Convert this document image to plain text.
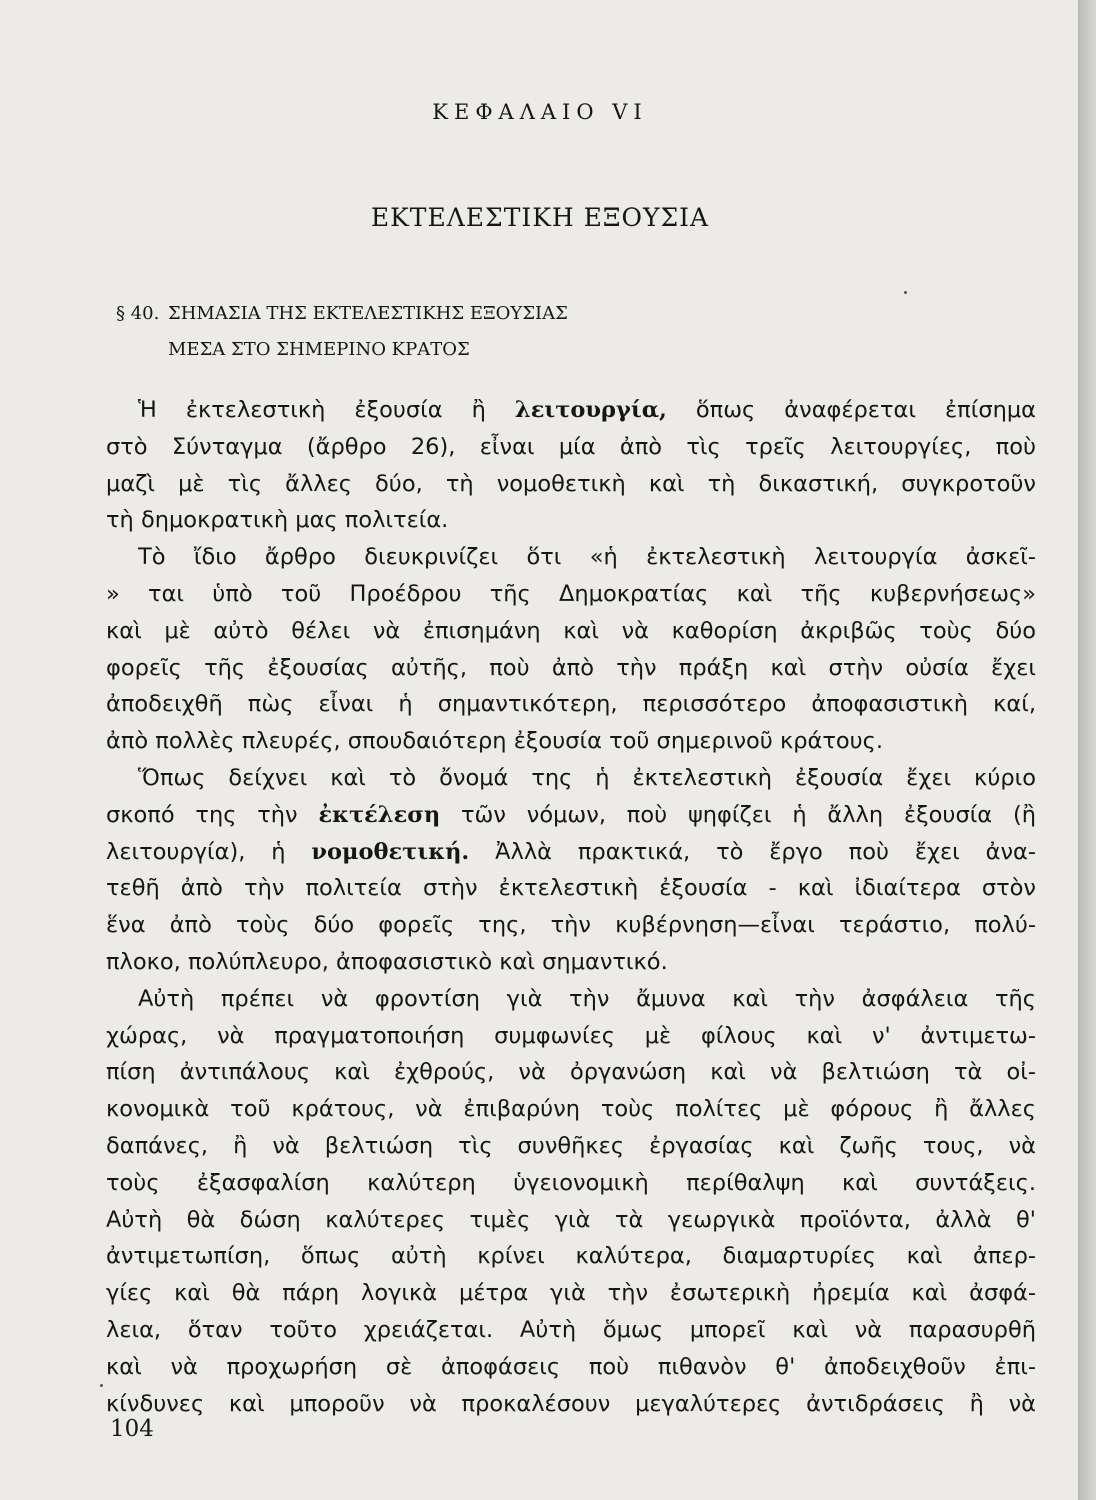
ΚΕΦΑΛΑΙΟ VI
ΕΚΤΕΛΕΣΤΙΚΗ ΕΞΟΥΣΙΑ
§ 40. ΣΗΜΑΣΙΑ ΤΗΣ ΕΚΤΕΛΕΣΤΙΚΗΣ ΕΞΟΥΣΙΑΣ
ΜΕΣΑ ΣΤΟ ΣΗΜΕΡΙΝΟ ΚΡΑΤΟΣ
Ἡ ἐκτελεστικὴ ἐξουσία ἢ λειτουργία, ὅπως ἀναφέρεται ἐπίσημα
στὸ Σύνταγμα (ἄρθρο 26), εἶναι μία ἀπὸ τὶς τρεῖς λειτουργίες, ποὺ
μαζὶ μὲ τὶς ἄλλες δύο, τὴ νομοθετικὴ καὶ τὴ δικαστική, συγκροτοῦν
τὴ δημοκρατικὴ μας πολιτεία.
Τὸ ἴδιο ἄρθρο διευκρινίζει ὅτι «ἡ ἐκτελεστικὴ λειτουργία ἀσκεῖ-
» ται ὑπὸ τοῦ Προέδρου τῆς Δημοκρατίας καὶ τῆς κυβερνήσεως»
καὶ μὲ αὐτὸ θέλει νὰ ἐπισημάνη καὶ νὰ καθορίση ἀκριβῶς τοὺς δύο
φορεῖς τῆς ἐξουσίας αὐτῆς, ποὺ ἀπὸ τὴν πράξη καὶ στὴν οὐσία ἔχει
ἀποδειχθῆ πὼς εἶναι ἡ σημαντικότερη, περισσότερο ἀποφασιστικὴ καί,
ἀπὸ πολλὲς πλευρές, σπουδαιότερη ἐξουσία τοῦ σημερινοῦ κράτους.
Ὅπως δείχνει καὶ τὸ ὄνομά της ἡ ἐκτελεστικὴ ἐξουσία ἔχει κύριο
σκοπό της τὴν ἐκτέλεση τῶν νόμων, ποὺ ψηφίζει ἡ ἄλλη ἐξουσία (ἢ
λειτουργία), ἡ νομοθετική. Ἀλλὰ πρακτικά, τὸ ἔργο ποὺ ἔχει ἀνα-
τεθῆ ἀπὸ τὴν πολιτεία στὴν ἐκτελεστικὴ ἐξουσία - καὶ ἰδιαίτερα στὸν
ἕνα ἀπὸ τοὺς δύο φορεῖς της, τὴν κυβέρνηση—εἶναι τεράστιο, πολύ-
πλοκο, πολύπλευρο, ἀποφασιστικὸ καὶ σημαντικό.
Αὐτὴ πρέπει νὰ φροντίση γιὰ τὴν ἄμυνα καὶ τὴν ἀσφάλεια τῆς
χώρας, νὰ πραγματοποιήση συμφωνίες μὲ φίλους καὶ ν' ἀντιμετω-
πίση ἀντιπάλους καὶ ἐχθρούς, νὰ ὀργανώση καὶ νὰ βελτιώση τὰ οἰ-
κονομικὰ τοῦ κράτους, νὰ ἐπιβαρύνη τοὺς πολίτες μὲ φόρους ἢ ἄλλες
δαπάνες, ἢ νὰ βελτιώση τὶς συνθῆκες ἐργασίας καὶ ζωῆς τους, νὰ
τοὺς ἐξασφαλίση καλύτερη ὑγειονομικὴ περίθαλψη καὶ συντάξεις.
Αὐτὴ θὰ δώση καλύτερες τιμὲς γιὰ τὰ γεωργικὰ προϊόντα, ἀλλὰ θ'
ἀντιμετωπίση, ὅπως αὐτὴ κρίνει καλύτερα, διαμαρτυρίες καὶ ἀπερ-
γίες καὶ θὰ πάρη λογικὰ μέτρα γιὰ τὴν ἐσωτερικὴ ἠρεμία καὶ ἀσφά-
λεια, ὅταν τοῦτο χρειάζεται. Αὐτὴ ὅμως μπορεῖ καὶ νὰ παρασυρθῆ
καὶ νὰ προχωρήση σὲ ἀποφάσεις ποὺ πιθανὸν θ' ἀποδειχθοῦν ἐπι-
κίνδυνες καὶ μποροῦν νὰ προκαλέσουν μεγαλύτερες ἀντιδράσεις ἢ νὰ
104
